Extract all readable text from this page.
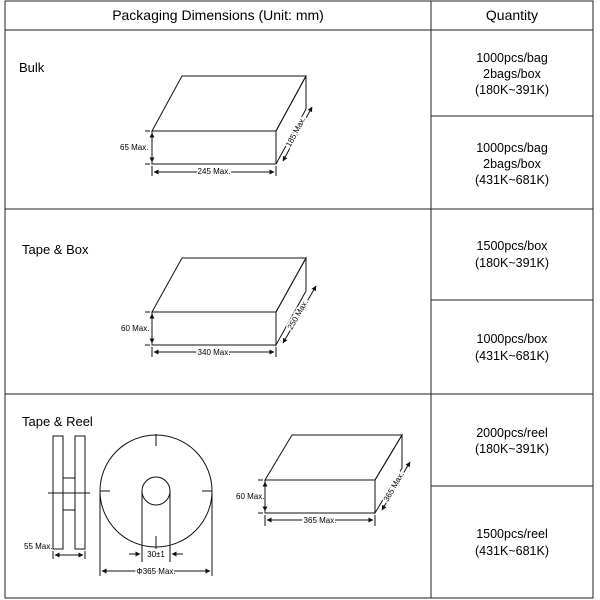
Packaging Dimensions (Unit: mm)	Quantity
Bulk
65 Max.
245 Max.
185 Max.
1000pcs/bag
2bags/box
(180K~391K)
1000pcs/bag
2bags/box
(431K~681K)
Tape & Box
60 Max.
340 Max.
250 Max.
1500pcs/box
(180K~391K)
1000pcs/box
(431K~681K)
Tape & Reel
55 Max.
30±1
Φ365 Max.
60 Max.
365 Max.
365 Max.
2000pcs/reel
(180K~391K)
1500pcs/reel
(431K~681K)
